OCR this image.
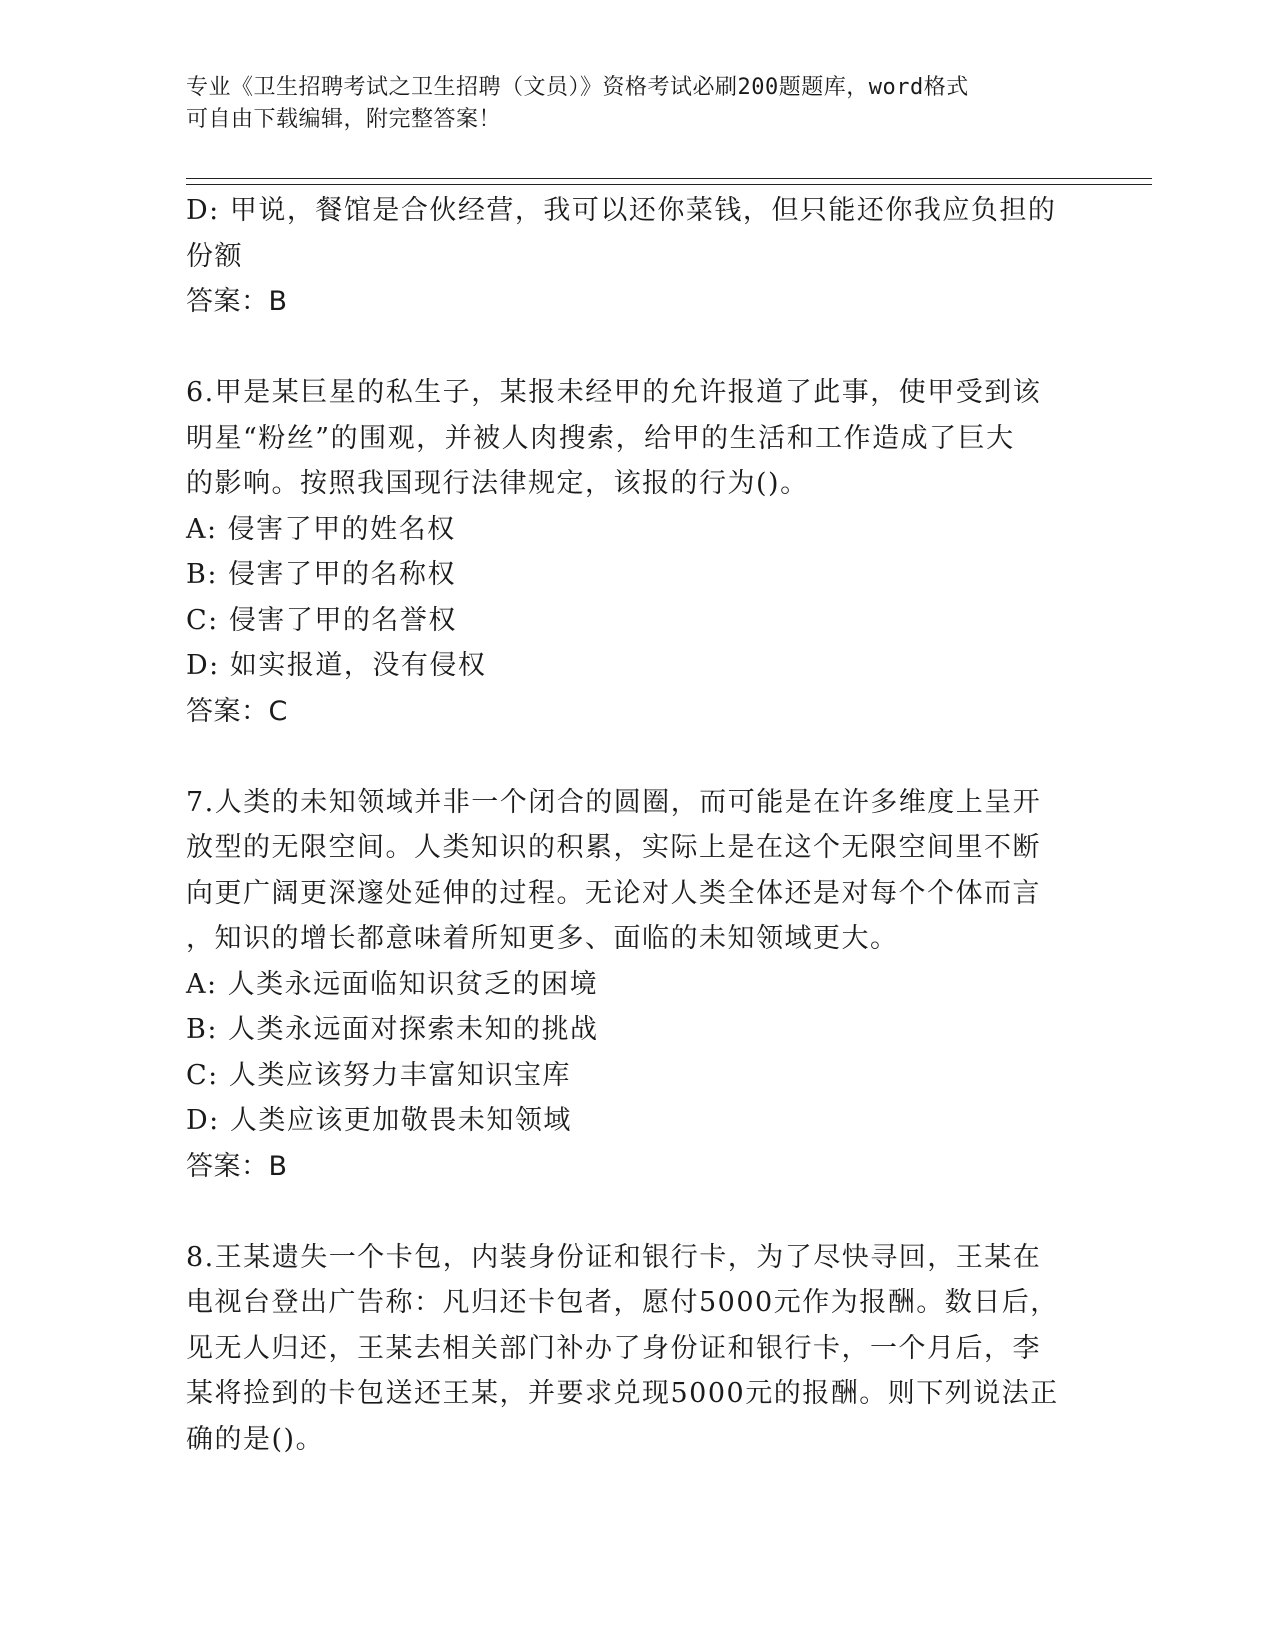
专业《卫生招聘考试之卫生招聘（文员）》资格考试必刷200题题库，word格式
可自由下载编辑，附完整答案！
D: 甲说，餐馆是合伙经营，我可以还你菜钱，但只能还你我应负担的
份额
答案：B
6.甲是某巨星的私生子，某报未经甲的允许报道了此事，使甲受到该
明星“粉丝”的围观，并被人肉搜索，给甲的生活和工作造成了巨大
的影响。按照我国现行法律规定，该报的行为()。
A: 侵害了甲的姓名权
B: 侵害了甲的名称权
C: 侵害了甲的名誉权
D: 如实报道，没有侵权
答案：C
7.人类的未知领域并非一个闭合的圆圈，而可能是在许多维度上呈开
放型的无限空间。人类知识的积累，实际上是在这个无限空间里不断
向更广阔更深邃处延伸的过程。无论对人类全体还是对每个个体而言
，知识的增长都意味着所知更多、面临的未知领域更大。
A: 人类永远面临知识贫乏的困境
B: 人类永远面对探索未知的挑战
C: 人类应该努力丰富知识宝库
D: 人类应该更加敬畏未知领域
答案：B
8.王某遗失一个卡包，内装身份证和银行卡，为了尽快寻回，王某在
电视台登出广告称：凡归还卡包者，愿付5000元作为报酬。数日后，
见无人归还，王某去相关部门补办了身份证和银行卡，一个月后，李
某将捡到的卡包送还王某，并要求兑现5000元的报酬。则下列说法正
确的是()。
